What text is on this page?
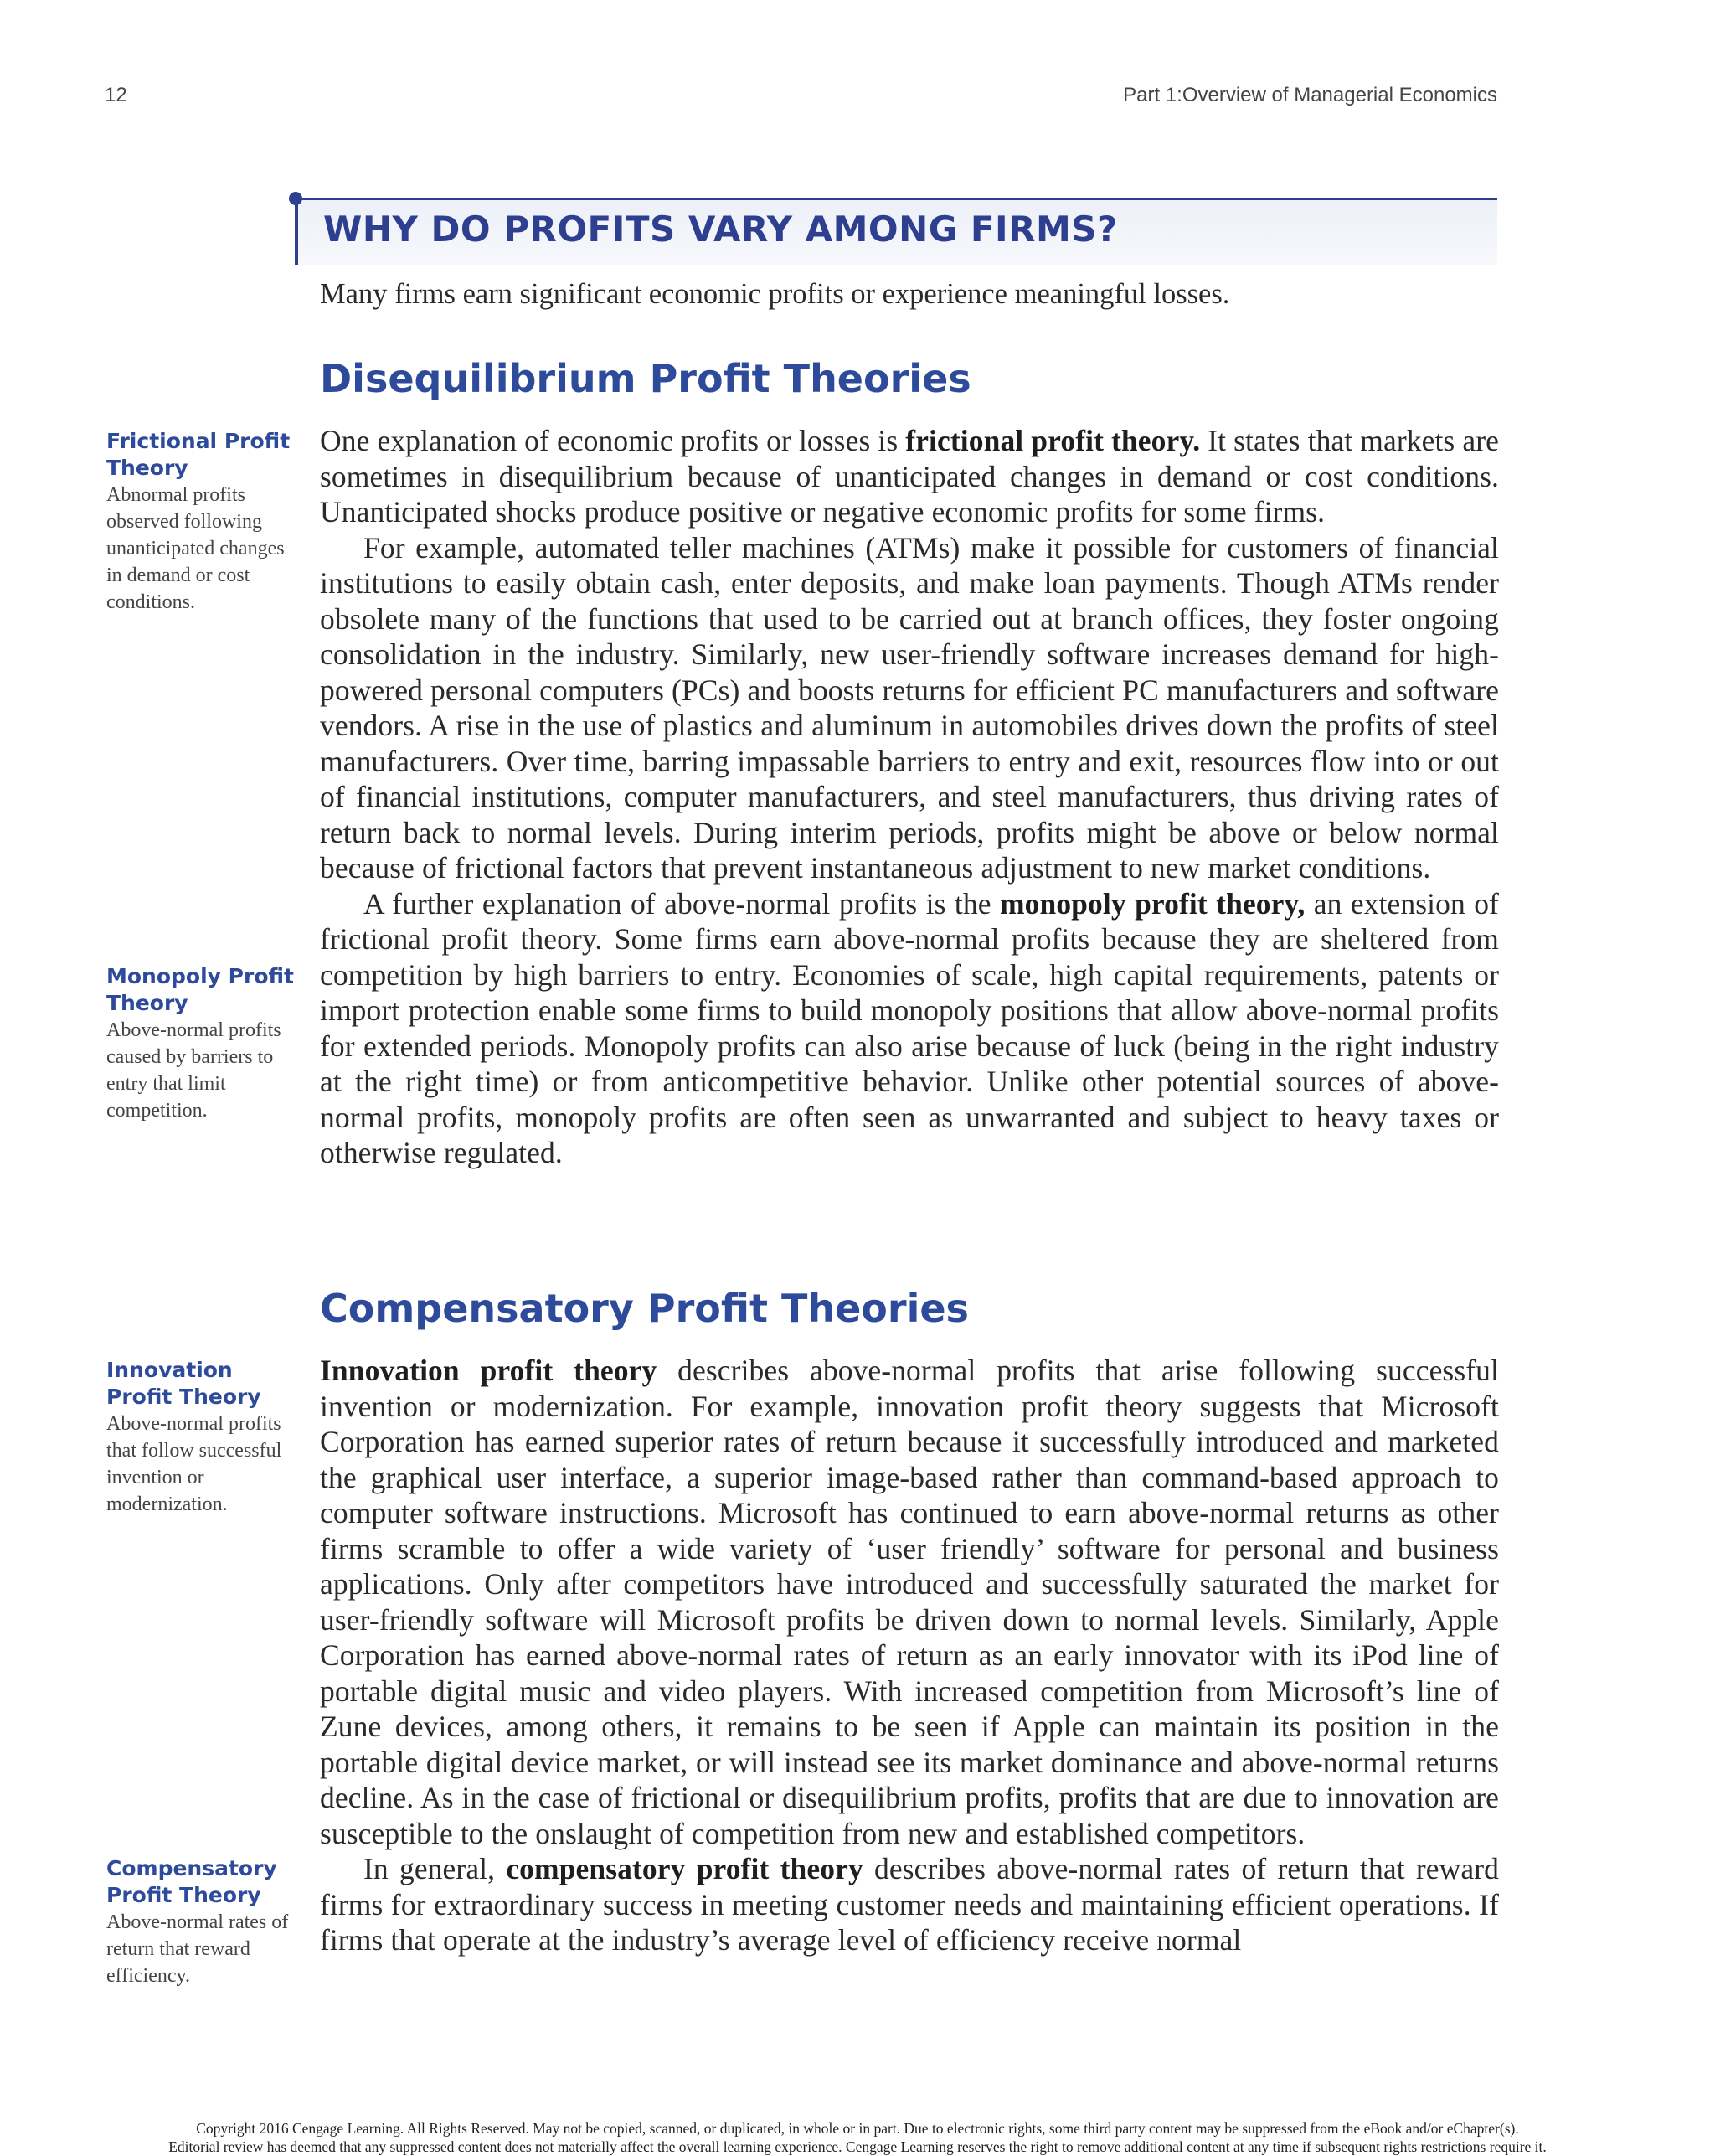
12	Part 1:Overview of Managerial Economics
WHY DO PROFITS VARY AMONG FIRMS?
Many firms earn significant economic profits or experience meaningful losses.
Disequilibrium Profit Theories

One explanation of economic profits or losses is frictional profit theory. It states that markets are sometimes in disequilibrium because of unanticipated changes in demand or cost conditions. Unanticipated shocks produce positive or negative economic profits for some firms.

For example, automated teller machines (ATMs) make it possible for customers of financial institutions to easily obtain cash, enter deposits, and make loan payments. Though ATMs render obsolete many of the functions that used to be carried out at branch offices, they foster ongoing consolidation in the industry. Similarly, new user-friendly software increases demand for high-powered personal computers (PCs) and boosts returns for efficient PC manufacturers and software vendors. A rise in the use of plastics and aluminum in automobiles drives down the profits of steel manufacturers. Over time, barring impassable barriers to entry and exit, resources flow into or out of financial institutions, computer manufacturers, and steel manufacturers, thus driving rates of return back to normal levels. During interim periods, profits might be above or below normal because of frictional factors that prevent instantaneous adjustment to new market conditions.

A further explanation of above-normal profits is the monopoly profit theory, an extension of frictional profit theory. Some firms earn above-normal profits because they are sheltered from competition by high barriers to entry. Economies of scale, high capital requirements, patents or import protection enable some firms to build monopoly positions that allow above-normal profits for extended periods. Monopoly profits can also arise because of luck (being in the right industry at the right time) or from anticompetitive behavior. Unlike other potential sources of above-normal profits, monopoly profits are often seen as unwarranted and subject to heavy taxes or otherwise regulated.

Compensatory Profit Theories

Innovation profit theory describes above-normal profits that arise following successful invention or modernization. For example, innovation profit theory suggests that Microsoft Corporation has earned superior rates of return because it successfully introduced and marketed the graphical user interface, a superior image-based rather than command-based approach to computer software instructions. Microsoft has continued to earn above-normal returns as other firms scramble to offer a wide variety of ‘user friendly’ software for personal and business applications. Only after competitors have introduced and successfully saturated the market for user-friendly software will Microsoft profits be driven down to normal levels. Similarly, Apple Corporation has earned above-normal rates of return as an early innovator with its iPod line of portable digital music and video players. With increased competition from Microsoft’s line of Zune devices, among others, it remains to be seen if Apple can maintain its position in the portable digital device market, or will instead see its market dominance and above-normal returns decline. As in the case of frictional or disequilibrium profits, profits that are due to innovation are susceptible to the onslaught of competition from new and established competitors.

In general, compensatory profit theory describes above-normal rates of return that reward firms for extraordinary success in meeting customer needs and maintaining efficient operations. If firms that operate at the industry’s average level of efficiency receive normal

Frictional Profit Theory
Abnormal profits observed following unanticipated changes in demand or cost conditions.
Monopoly Profit Theory
Above-normal profits caused by barriers to entry that limit competition.
Innovation Profit Theory
Above-normal profits that follow successful invention or modernization.
Compensatory Profit Theory
Above-normal rates of return that reward efficiency.
Copyright 2016 Cengage Learning. All Rights Reserved. May not be copied, scanned, or duplicated, in whole or in part. Due to electronic rights, some third party content may be suppressed from the eBook and/or eChapter(s).
Editorial review has deemed that any suppressed content does not materially affect the overall learning experience. Cengage Learning reserves the right to remove additional content at any time if subsequent rights restrictions require it.
